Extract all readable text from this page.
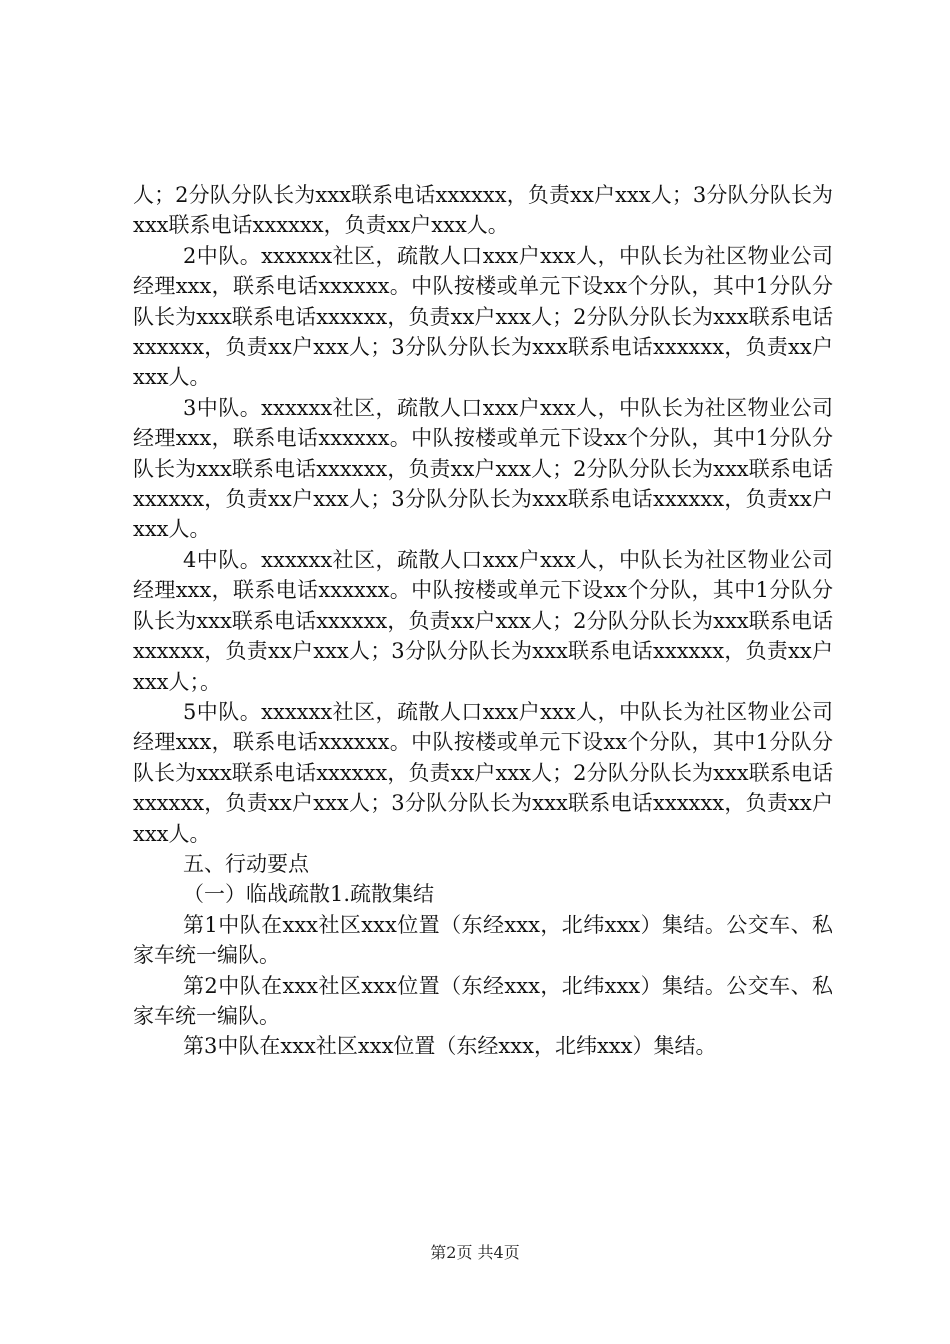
人；2分队分队长为xxx联系电话xxxxxx，负责xx户xxx人；3分队分队长为xxx联系电话xxxxxx，负责xx户xxx人。

2中队。xxxxxx社区，疏散人口xxx户xxx人，中队长为社区物业公司经理xxx，联系电话xxxxxx。中队按楼或单元下设xx个分队，其中1分队分队长为xxx联系电话xxxxxx，负责xx户xxx人；2分队分队长为xxx联系电话xxxxxx，负责xx户xxx人；3分队分队长为xxx联系电话xxxxxx，负责xx户xxx人。

3中队。xxxxxx社区，疏散人口xxx户xxx人，中队长为社区物业公司经理xxx，联系电话xxxxxx。中队按楼或单元下设xx个分队，其中1分队分队长为xxx联系电话xxxxxx，负责xx户xxx人；2分队分队长为xxx联系电话xxxxxx，负责xx户xxx人；3分队分队长为xxx联系电话xxxxxx，负责xx户xxx人。

4中队。xxxxxx社区，疏散人口xxx户xxx人，中队长为社区物业公司经理xxx，联系电话xxxxxx。中队按楼或单元下设xx个分队，其中1分队分队长为xxx联系电话xxxxxx，负责xx户xxx人；2分队分队长为xxx联系电话xxxxxx，负责xx户xxx人；3分队分队长为xxx联系电话xxxxxx，负责xx户xxx人；。

5中队。xxxxxx社区，疏散人口xxx户xxx人，中队长为社区物业公司经理xxx，联系电话xxxxxx。中队按楼或单元下设xx个分队，其中1分队分队长为xxx联系电话xxxxxx，负责xx户xxx人；2分队分队长为xxx联系电话xxxxxx，负责xx户xxx人；3分队分队长为xxx联系电话xxxxxx，负责xx户xxx人。

五、行动要点

（一）临战疏散1.疏散集结

第1中队在xxx社区xxx位置（东经xxx，北纬xxx）集结。公交车、私家车统一编队。

第2中队在xxx社区xxx位置（东经xxx，北纬xxx）集结。公交车、私家车统一编队。

第3中队在xxx社区xxx位置（东经xxx，北纬xxx）集结。

第2页 共4页
